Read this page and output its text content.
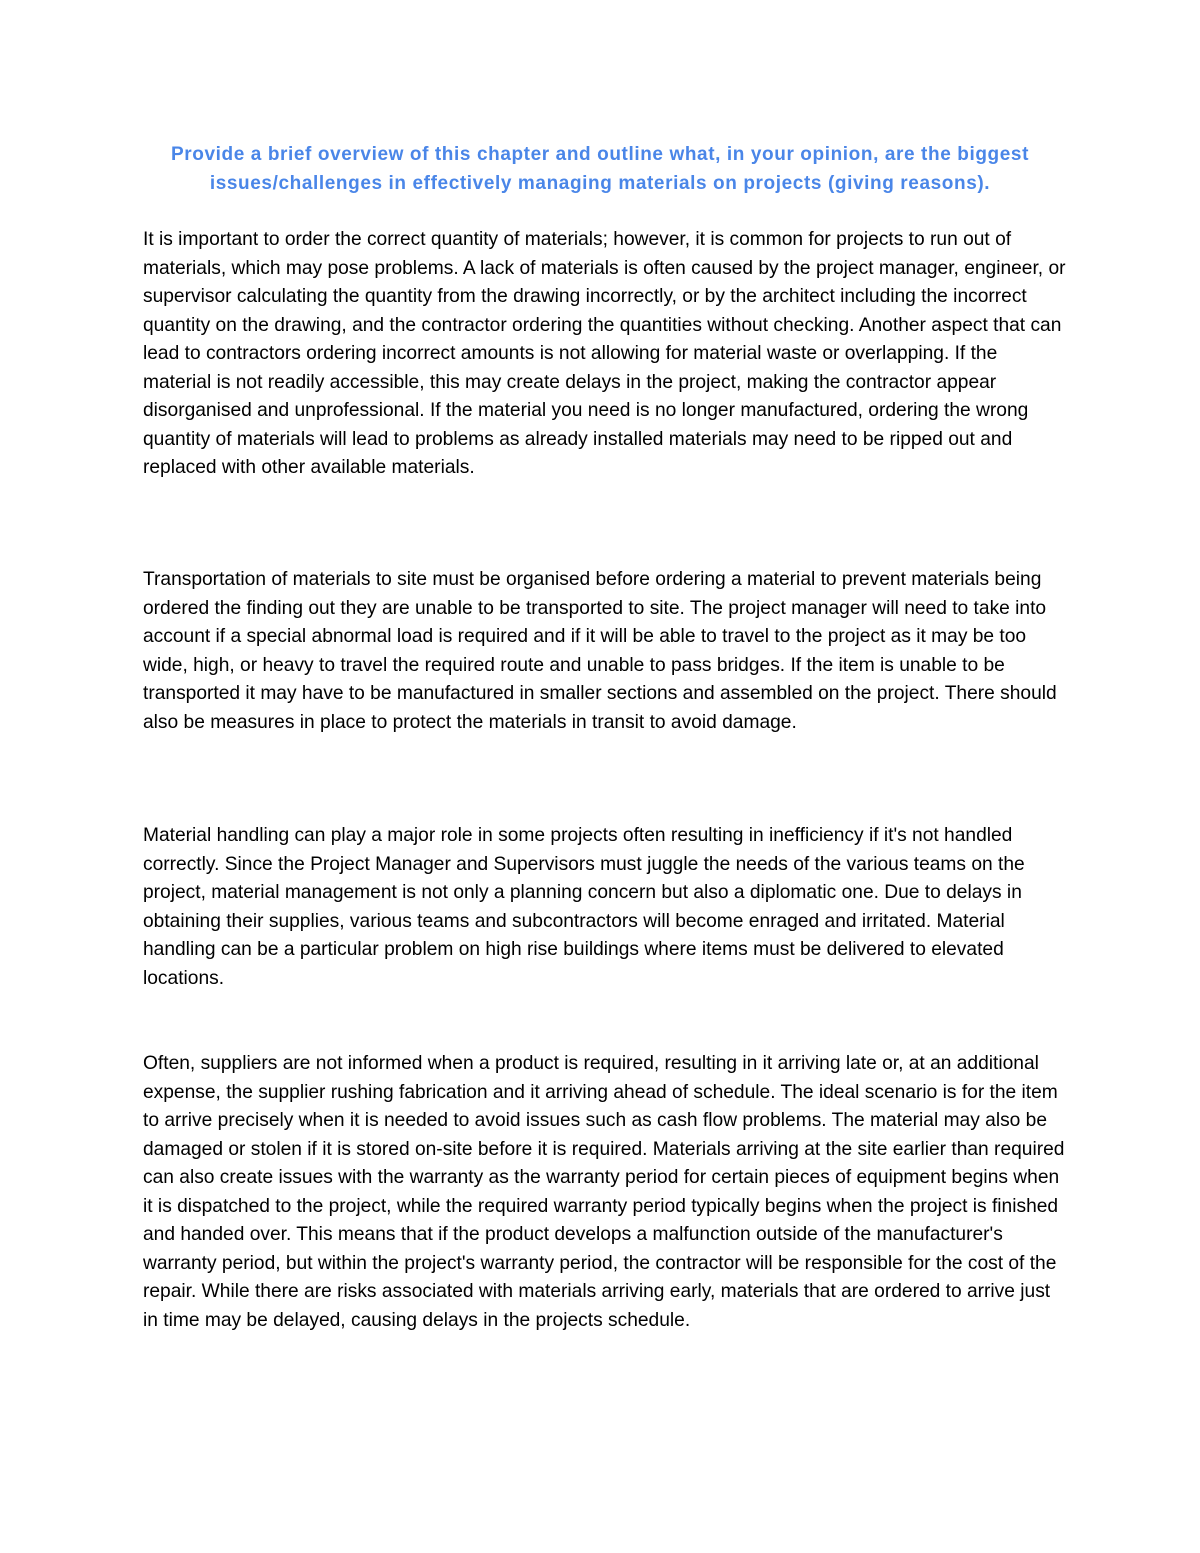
Provide a brief overview of this chapter and outline what, in your opinion, are the biggest issues/challenges in effectively managing materials on projects (giving reasons).

It is important to order the correct quantity of materials; however, it is common for projects to run out of materials, which may pose problems. A lack of materials is often caused by the project manager, engineer, or supervisor calculating the quantity from the drawing incorrectly, or by the architect including the incorrect quantity on the drawing, and the contractor ordering the quantities without checking. Another aspect that can lead to contractors ordering incorrect amounts is not allowing for material waste or overlapping. If the material is not readily accessible, this may create delays in the project, making the contractor appear disorganised and unprofessional. If the material you need is no longer manufactured, ordering the wrong quantity of materials will lead to problems as already installed materials may need to be ripped out and replaced with other available materials.

Transportation of materials to site must be organised before ordering a material to prevent materials being ordered the finding out they are unable to be transported to site. The project manager will need to take into account if a special abnormal load is required and if it will be able to travel to the project as it may be too wide, high, or heavy to travel the required route and unable to pass bridges. If the item is unable to be transported it may have to be manufactured in smaller sections and assembled on the project. There should also be measures in place to protect the materials in transit to avoid damage.

Material handling can play a major role in some projects often resulting in inefficiency if it's not handled correctly. Since the Project Manager and Supervisors must juggle the needs of the various teams on the project, material management is not only a planning concern but also a diplomatic one. Due to delays in obtaining their supplies, various teams and subcontractors will become enraged and irritated. Material handling can be a particular problem on high rise buildings where items must be delivered to elevated locations.

Often, suppliers are not informed when a product is required, resulting in it arriving late or, at an additional expense, the supplier rushing fabrication and it arriving ahead of schedule. The ideal scenario is for the item to arrive precisely when it is needed to avoid issues such as cash flow problems. The material may also be damaged or stolen if it is stored on-site before it is required. Materials arriving at the site earlier than required can also create issues with the warranty as the warranty period for certain pieces of equipment begins when it is dispatched to the project, while the required warranty period typically begins when the project is finished and handed over. This means that if the product develops a malfunction outside of the manufacturer's warranty period, but within the project's warranty period, the contractor will be responsible for the cost of the repair. While there are risks associated with materials arriving early, materials that are ordered to arrive just in time may be delayed, causing delays in the projects schedule.
